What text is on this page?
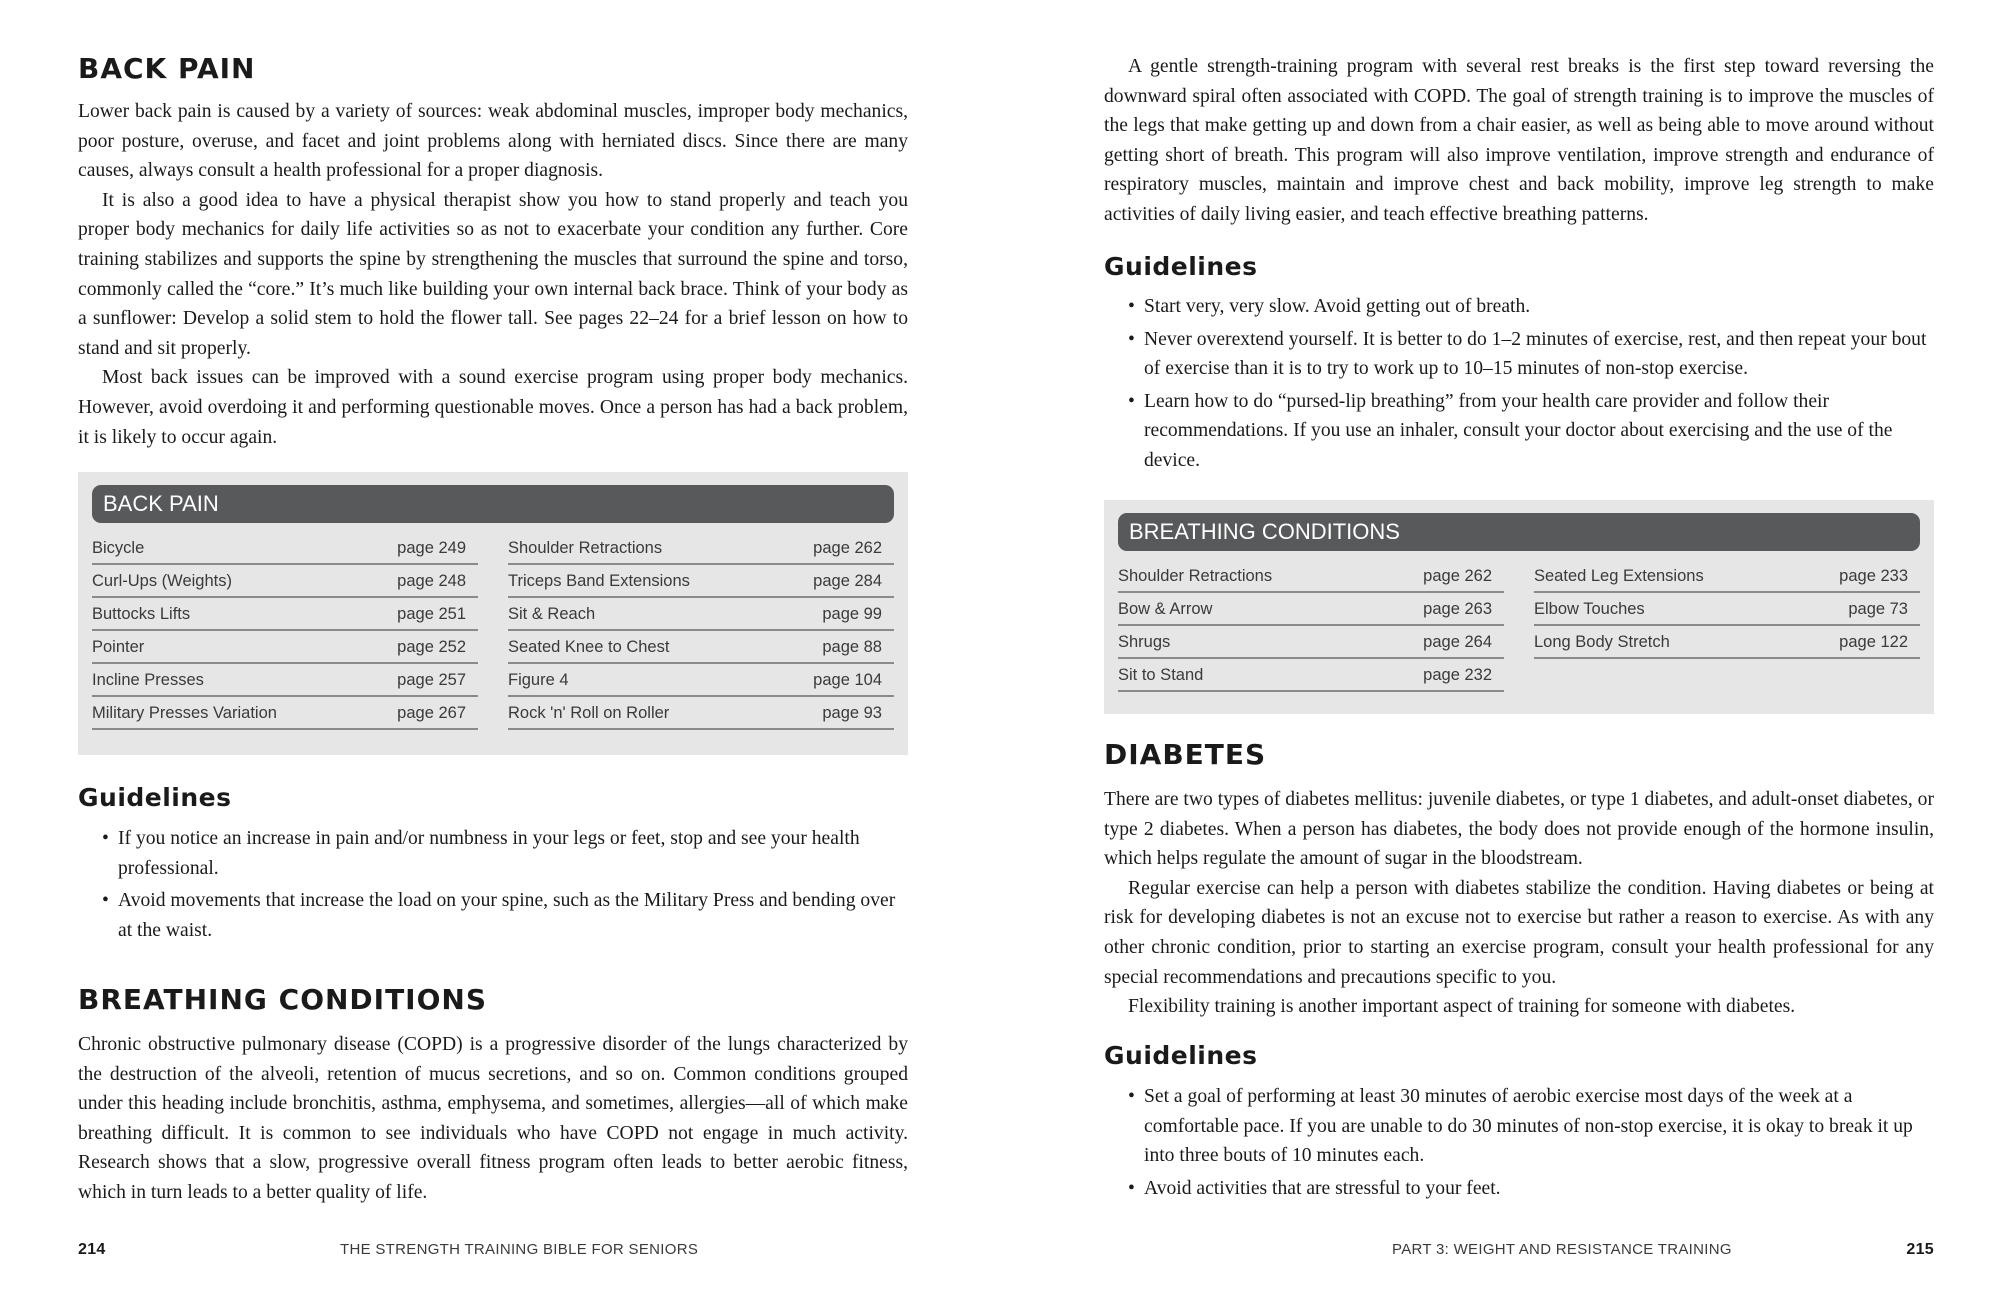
BACK PAIN

Lower back pain is caused by a variety of sources: weak abdominal muscles, improper body mechanics, poor posture, overuse, and facet and joint problems along with herniated discs. Since there are many causes, always consult a health professional for a proper diagnosis.

It is also a good idea to have a physical therapist show you how to stand properly and teach you proper body mechanics for daily life activities so as not to exacerbate your condition any further. Core training stabilizes and supports the spine by strengthening the muscles that surround the spine and torso, commonly called the “core.” It’s much like building your own internal back brace. Think of your body as a sunflower: Develop a solid stem to hold the flower tall. See pages 22–24 for a brief lesson on how to stand and sit properly.

Most back issues can be improved with a sound exercise program using proper body mechanics. However, avoid overdoing it and performing questionable moves. Once a person has had a back problem, it is likely to occur again.

BACK PAIN
Bicycle	page 249
Curl-Ups (Weights)	page 248
Buttocks Lifts	page 251
Pointer	page 252
Incline Presses	page 257
Military Presses Variation	page 267
Shoulder Retractions	page 262
Triceps Band Extensions	page 284
Sit & Reach	page 99
Seated Knee to Chest	page 88
Figure 4	page 104
Rock 'n' Roll on Roller	page 93
Guidelines
• If you notice an increase in pain and/or numbness in your legs or feet, stop and see your health professional.
• Avoid movements that increase the load on your spine, such as the Military Press and bending over at the waist.
BREATHING CONDITIONS

Chronic obstructive pulmonary disease (COPD) is a progressive disorder of the lungs characterized by the destruction of the alveoli, retention of mucus secretions, and so on. Common conditions grouped under this heading include bronchitis, asthma, emphysema, and sometimes, allergies—all of which make breathing difficult. It is common to see individuals who have COPD not engage in much activity. Research shows that a slow, progressive overall fitness program often leads to better aerobic fitness, which in turn leads to a better quality of life.

214	THE STRENGTH TRAINING BIBLE FOR SENIORS

A gentle strength-training program with several rest breaks is the first step toward reversing the downward spiral often associated with COPD. The goal of strength training is to improve the muscles of the legs that make getting up and down from a chair easier, as well as being able to move around without getting short of breath. This program will also improve ventilation, improve strength and endurance of respiratory muscles, maintain and improve chest and back mobility, improve leg strength to make activities of daily living easier, and teach effective breathing patterns.

Guidelines
• Start very, very slow. Avoid getting out of breath.
• Never overextend yourself. It is better to do 1–2 minutes of exercise, rest, and then repeat your bout of exercise than it is to try to work up to 10–15 minutes of non-stop exercise.
• Learn how to do “pursed-lip breathing” from your health care provider and follow their recommendations. If you use an inhaler, consult your doctor about exercising and the use of the device.
BREATHING CONDITIONS
Shoulder Retractions	page 262
Bow & Arrow	page 263
Shrugs	page 264
Sit to Stand	page 232
Seated Leg Extensions	page 233
Elbow Touches	page 73
Long Body Stretch	page 122
DIABETES

There are two types of diabetes mellitus: juvenile diabetes, or type 1 diabetes, and adult-onset diabetes, or type 2 diabetes. When a person has diabetes, the body does not provide enough of the hormone insulin, which helps regulate the amount of sugar in the bloodstream.

Regular exercise can help a person with diabetes stabilize the condition. Having diabetes or being at risk for developing diabetes is not an excuse not to exercise but rather a reason to exercise. As with any other chronic condition, prior to starting an exercise program, consult your health professional for any special recommendations and precautions specific to you.

Flexibility training is another important aspect of training for someone with diabetes.

Guidelines
• Set a goal of performing at least 30 minutes of aerobic exercise most days of the week at a comfortable pace. If you are unable to do 30 minutes of non-stop exercise, it is okay to break it up into three bouts of 10 minutes each.
• Avoid activities that are stressful to your feet.
PART 3: WEIGHT AND RESISTANCE TRAINING	215
